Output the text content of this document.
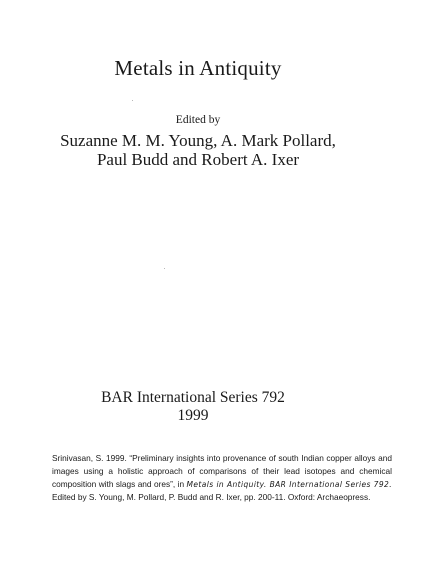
Metals in Antiquity
Edited by
Suzanne M. M. Young, A. Mark Pollard,
Paul Budd and Robert A. Ixer
BAR International Series 792
1999
Srinivasan, S. 1999. “Preliminary insights into provenance of south Indian copper alloys and images using a holistic approach of comparisons of their lead isotopes and chemical composition with slags and ores”, in Metals in Antiquity. BAR International Series 792. Edited by S. Young, M. Pollard, P. Budd and R. Ixer, pp. 200-11. Oxford: Archaeopress.
